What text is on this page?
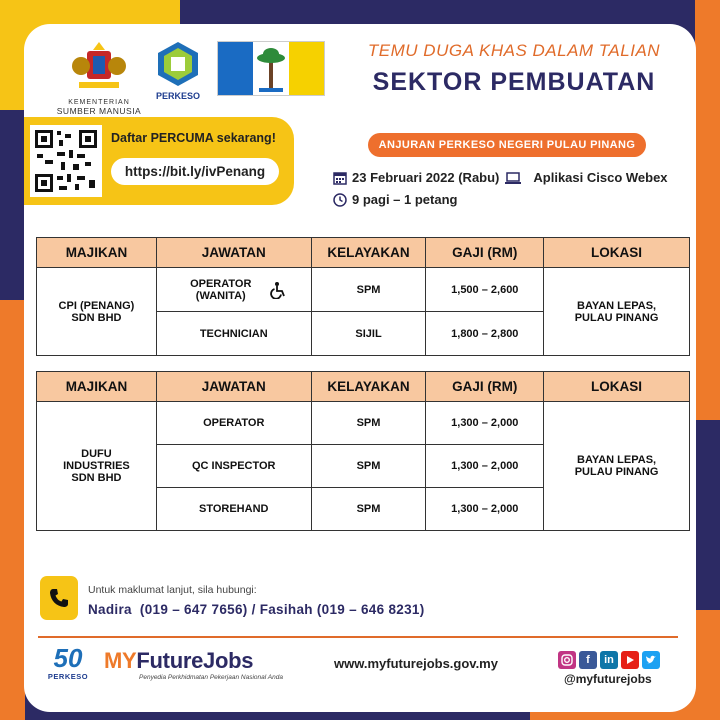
KEMENTERIAN
SUMBER MANUSIA
PERKESO
TEMU DUGA KHAS DALAM TALIAN
SEKTOR PEMBUATAN
Daftar PERCUMA sekarang!
https://bit.ly/ivPenang
ANJURAN PERKESO NEGERI PULAU PINANG
23 Februari 2022 (Rabu)	Aplikasi Cisco Webex
9 pagi – 1 petang
MAJIKAN	JAWATAN	KELAYAKAN	GAJI (RM)	LOKASI
CPI (PENANG) SDN BHD	OPERATOR (WANITA)	SPM	1,500 – 2,600	BAYAN LEPAS, PULAU PINANG
	TECHNICIAN	SIJIL	1,800 – 2,800	
MAJIKAN	JAWATAN	KELAYAKAN	GAJI (RM)	LOKASI
DUFU INDUSTRIES SDN BHD	OPERATOR	SPM	1,300 – 2,000	BAYAN LEPAS, PULAU PINANG
	QC INSPECTOR	SPM	1,300 – 2,000	
	STOREHAND	SPM	1,300 – 2,000	
Untuk maklumat lanjut, sila hubungi:
Nadira  (019 – 647 7656) / Fasihah (019 – 646 8231)
50
PERKESO
MYFutureJobs
Penyedia Perkhidmatan Pekerjaan Nasional Anda
www.myfuturejobs.gov.my	f	in
@myfuturejobs
